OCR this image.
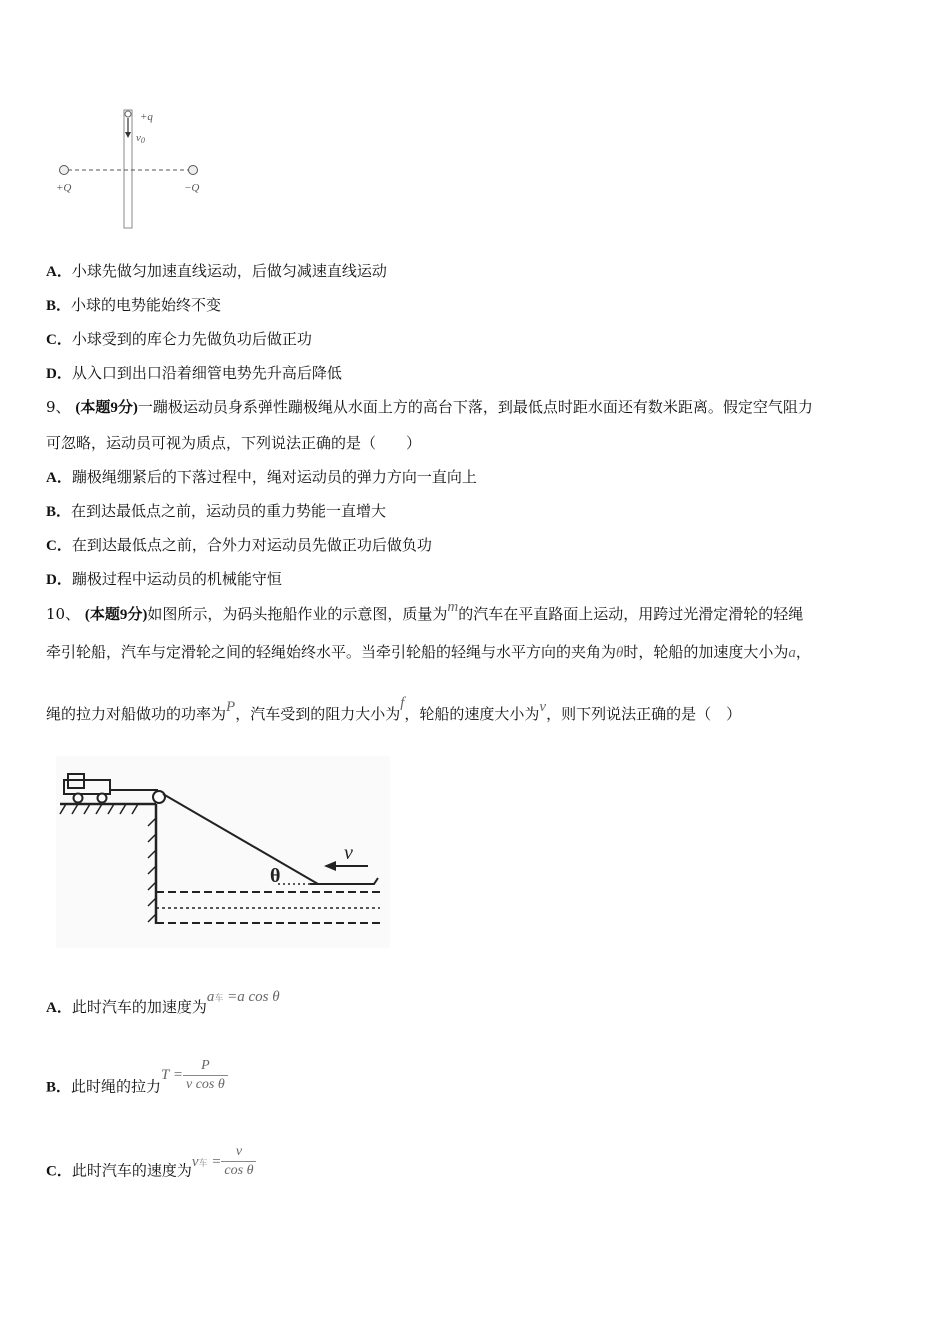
+q
v0
+Q	−Q
A．小球先做匀加速直线运动，后做匀减速直线运动
B．小球的电势能始终不变
C．小球受到的库仑力先做负功后做正功
D．从入口到出口沿着细管电势先升高后降低
9、 (本题9分)一蹦极运动员身系弹性蹦极绳从水面上方的高台下落，到最低点时距水面还有数米距离。假定空气阻力
可忽略，运动员可视为质点，下列说法正确的是（　　）
A．蹦极绳绷紧后的下落过程中，绳对运动员的弹力方向一直向上
B．在到达最低点之前，运动员的重力势能一直增大
C．在到达最低点之前，合外力对运动员先做正功后做负功
D．蹦极过程中运动员的机械能守恒
10、 (本题9分)如图所示，为码头拖船作业的示意图，质量为m的汽车在平直路面上运动，用跨过光滑定滑轮的轻绳
牵引轮船，汽车与定滑轮之间的轻绳始终水平。当牵引轮船的轻绳与水平方向的夹角为θ时，轮船的加速度大小为a，
绳的拉力对船做功的功率为P，汽车受到的阻力大小为f，轮船的速度大小为v，则下列说法正确的是（　）
v
θ
A．此时汽车的加速度为a车 =a cos θ
B．此时绳的拉力$T = \frac{P}{\text{v cos θ}}$
C．此时汽车的速度为v车 = $\frac{v}{\text{cos θ}}$
